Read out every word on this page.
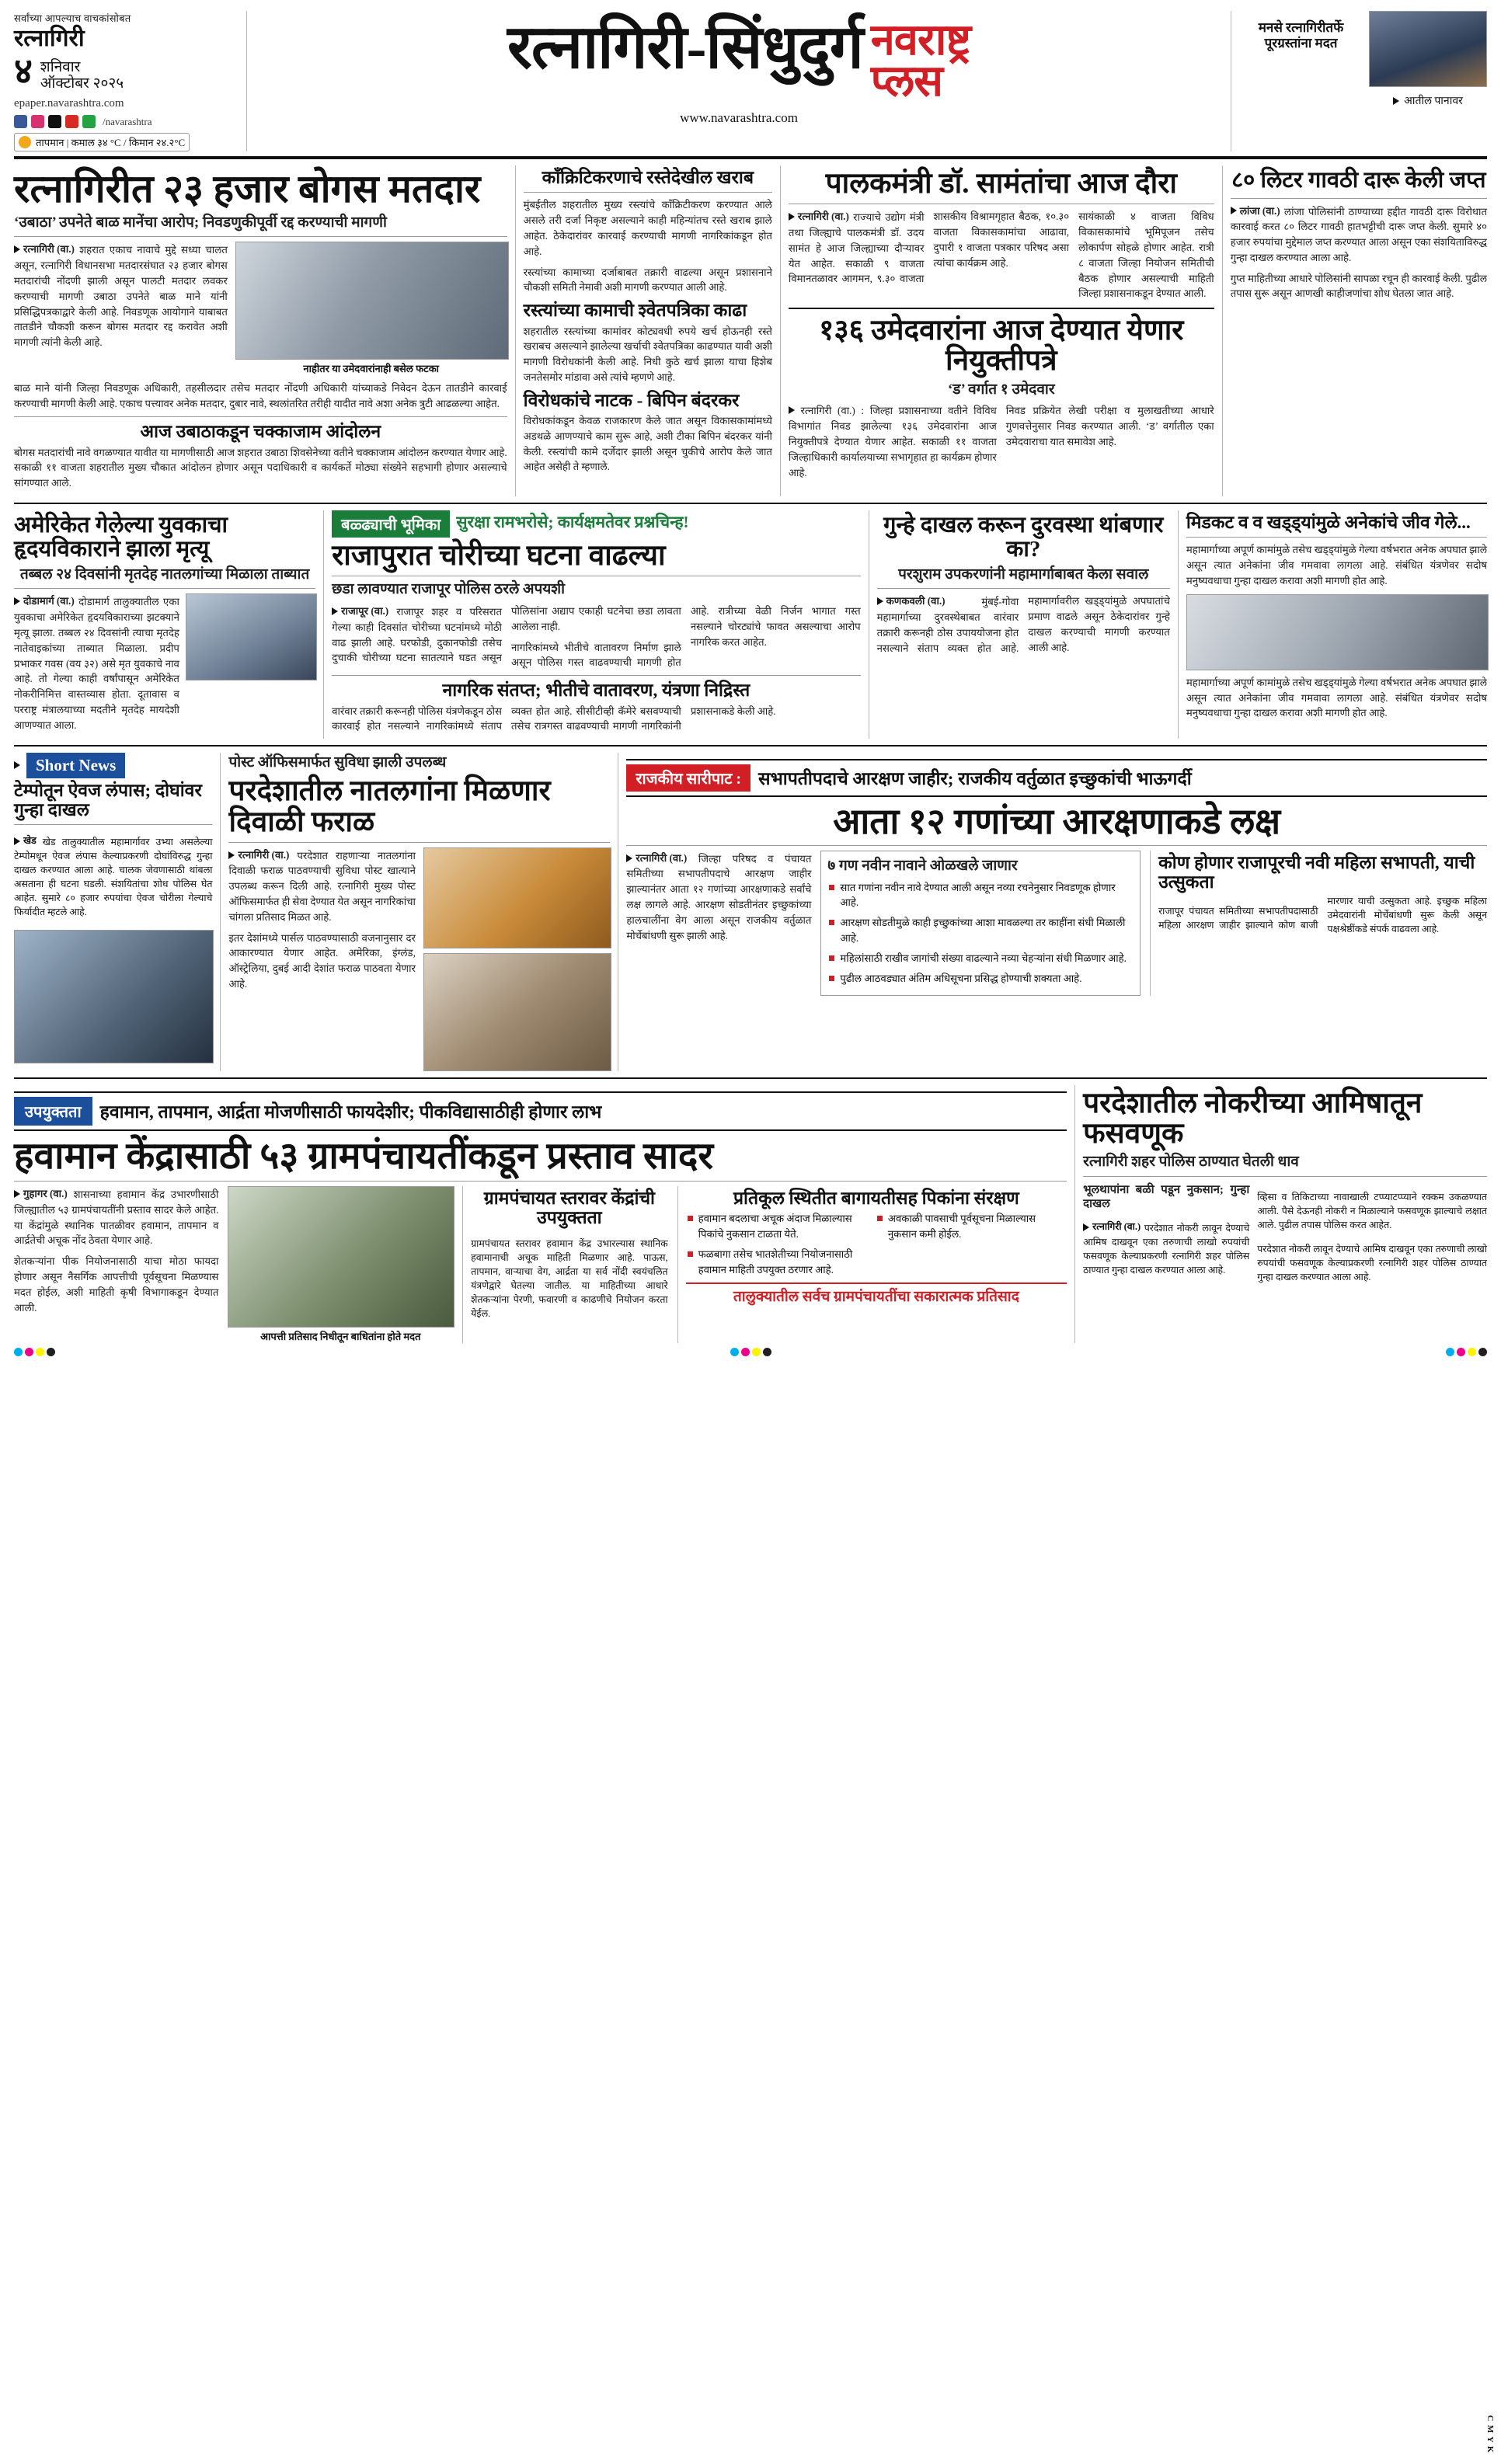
सर्वांच्या आपल्याच वाचकांसोबत
रत्नागिरी
४ शनिवार
ऑक्टोबर २०२५
epaper.navarashtra.com
/navarashtra
तापमान | कमाल ३४ °C / किमान २४.२°C
रत्नागिरी-सिंधुदुर्ग नवराष्ट्र
प्लस
www.navarashtra.com
मनसे रत्नागिरीतर्फे पूरग्रस्तांना मदत
आतील पानावर
रत्नागिरीत २३ हजार बोगस मतदार
‘उबाठा’ उपनेते बाळ मानेंचा आरोप; निवडणुकीपूर्वी रद्द करण्याची मागणी

रत्नागिरी (वा.) शहरात एकाच नावाचे मुद्दे सध्या चालत असून, रत्नागिरी विधानसभा मतदारसंघात २३ हजार बोगस मतदारांची नोंदणी झाली असून पालटी मतदार लवकर करण्याची मागणी उबाठा उपनेते बाळ माने यांनी प्रसिद्धिपत्रकाद्वारे केली आहे. निवडणूक आयोगाने याबाबत तातडीने चौकशी करून बोगस मतदार रद्द करावेत अशी मागणी त्यांनी केली आहे.

नाहीतर या उमेदवारांनाही बसेल फटका

बाळ माने यांनी जिल्हा निवडणूक अधिकारी, तहसीलदार तसेच मतदार नोंदणी अधिकारी यांच्याकडे निवेदन देऊन तातडीने कारवाई करण्याची मागणी केली आहे. एकाच पत्त्यावर अनेक मतदार, दुबार नावे, स्थलांतरित तरीही यादीत नावे अशा अनेक त्रुटी आढळल्या आहेत.

आज उबाठाकडून चक्काजाम आंदोलन

बोगस मतदारांची नावे वगळण्यात यावीत या मागणीसाठी आज शहरात उबाठा शिवसेनेच्या वतीने चक्काजाम आंदोलन करण्यात येणार आहे. सकाळी ११ वाजता शहरातील मुख्य चौकात आंदोलन होणार असून पदाधिकारी व कार्यकर्ते मोठ्या संख्येने सहभागी होणार असल्याचे सांगण्यात आले.

कॉंक्रिटिकरणाचे रस्तेदेखील खराब

मुंबईतील शहरातील मुख्य रस्त्यांचे कॉंक्रिटीकरण करण्यात आले असले तरी दर्जा निकृष्ट असल्याने काही महिन्यांतच रस्ते खराब झाले आहेत. ठेकेदारांवर कारवाई करण्याची मागणी नागरिकांकडून होत आहे.

रस्त्यांच्या कामाच्या दर्जाबाबत तक्रारी वाढल्या असून प्रशासनाने चौकशी समिती नेमावी अशी मागणी करण्यात आली आहे.

रस्त्यांच्या कामाची श्वेतपत्रिका काढा

शहरातील रस्त्यांच्या कामांवर कोट्यवधी रुपये खर्च होऊनही रस्ते खराबच असल्याने झालेल्या खर्चाची श्वेतपत्रिका काढण्यात यावी अशी मागणी विरोधकांनी केली आहे. निधी कुठे खर्च झाला याचा हिशेब जनतेसमोर मांडावा असे त्यांचे म्हणणे आहे.

विरोधकांचे नाटक - बिपिन बंदरकर

विरोधकांकडून केवळ राजकारण केले जात असून विकासकामांमध्ये अडथळे आणण्याचे काम सुरू आहे, अशी टीका बिपिन बंदरकर यांनी केली. रस्त्यांची कामे दर्जेदार झाली असून चुकीचे आरोप केले जात आहेत असेही ते म्हणाले.

पालकमंत्री डॉ. सामंतांचा आज दौरा

रत्नागिरी (वा.) राज्याचे उद्योग मंत्री तथा जिल्ह्याचे पालकमंत्री डॉ. उदय सामंत हे आज जिल्ह्याच्या दौऱ्यावर येत आहेत. सकाळी ९ वाजता विमानतळावर आगमन, ९.३० वाजता शासकीय विश्रामगृहात बैठक, १०.३० वाजता विकासकामांचा आढावा, दुपारी १ वाजता पत्रकार परिषद असा त्यांचा कार्यक्रम आहे.

सायंकाळी ४ वाजता विविध विकासकामांचे भूमिपूजन तसेच लोकार्पण सोहळे होणार आहेत. रात्री ८ वाजता जिल्हा नियोजन समितीची बैठक होणार असल्याची माहिती जिल्हा प्रशासनाकडून देण्यात आली.

१३६ उमेदवारांना आज देण्यात येणार नियुक्तीपत्रे
‘ड’ वर्गात १ उमेदवार

रत्नागिरी (वा.) : जिल्हा प्रशासनाच्या वतीने विविध विभागांत निवड झालेल्या १३६ उमेदवारांना आज नियुक्तीपत्रे देण्यात येणार आहेत. सकाळी ११ वाजता जिल्हाधिकारी कार्यालयाच्या सभागृहात हा कार्यक्रम होणार आहे.

निवड प्रक्रियेत लेखी परीक्षा व मुलाखतीच्या आधारे गुणवत्तेनुसार निवड करण्यात आली. ‘ड’ वर्गातील एका उमेदवाराचा यात समावेश आहे.

८० लिटर गावठी दारू केली जप्त

लांजा (वा.) लांजा पोलिसांनी ठाण्याच्या हद्दीत गावठी दारू विरोधात कारवाई करत ८० लिटर गावठी हातभट्टीची दारू जप्त केली. सुमारे ४० हजार रुपयांचा मुद्देमाल जप्त करण्यात आला असून एका संशयिताविरुद्ध गुन्हा दाखल करण्यात आला आहे.

गुप्त माहितीच्या आधारे पोलिसांनी सापळा रचून ही कारवाई केली. पुढील तपास सुरू असून आणखी काहीजणांचा शोध घेतला जात आहे.

अमेरिकेत गेलेल्या युवकाचा हृदयविकाराने झाला मृत्यू
तब्बल २४ दिवसांनी मृतदेह नातलगांच्या मिळाला ताब्यात

दोडामार्ग (वा.) दोडामार्ग तालुक्यातील एका युवकाचा अमेरिकेत हृदयविकाराच्या झटक्याने मृत्यू झाला. तब्बल २४ दिवसांनी त्याचा मृतदेह नातेवाइकांच्या ताब्यात मिळाला. प्रदीप प्रभाकर गवस (वय ३२) असे मृत युवकाचे नाव आहे. तो गेल्या काही वर्षांपासून अमेरिकेत नोकरीनिमित्त वास्तव्यास होता. दूतावास व परराष्ट्र मंत्रालयाच्या मदतीने मृतदेह मायदेशी आणण्यात आला.

बळ्ढ्याची भूमिका सुरक्षा रामभरोसे; कार्यक्षमतेवर प्रश्नचिन्ह!
राजापुरात चोरीच्या घटना वाढल्या
छडा लावण्यात राजापूर पोलिस ठरले अपयशी

राजापूर (वा.) राजापूर शहर व परिसरात गेल्या काही दिवसांत चोरीच्या घटनांमध्ये मोठी वाढ झाली आहे. घरफोडी, दुकानफोडी तसेच दुचाकी चोरीच्या घटना सातत्याने घडत असून पोलिसांना अद्याप एकाही घटनेचा छडा लावता आलेला नाही.

नागरिकांमध्ये भीतीचे वातावरण निर्माण झाले असून पोलिस गस्त वाढवण्याची मागणी होत आहे. रात्रीच्या वेळी निर्जन भागात गस्त नसल्याने चोरट्यांचे फावत असल्याचा आरोप नागरिक करत आहेत.

नागरिक संतप्त; भीतीचे वातावरण, यंत्रणा निद्रिस्त

वारंवार तक्रारी करूनही पोलिस यंत्रणेकडून ठोस कारवाई होत नसल्याने नागरिकांमध्ये संताप व्यक्त होत आहे. सीसीटीव्ही कॅमेरे बसवण्याची तसेच रात्रगस्त वाढवण्याची मागणी नागरिकांनी प्रशासनाकडे केली आहे.

गुन्हे दाखल करून दुरवस्था थांबणार का?
परशुराम उपकरणांनी महामार्गाबाबत केला सवाल

कणकवली (वा.)	मुंबई-गोवा महामार्गाच्या दुरवस्थेबाबत वारंवार तक्रारी करूनही ठोस उपाययोजना होत नसल्याने संताप व्यक्त होत आहे. महामार्गावरील खड्ड्यांमुळे अपघातांचे प्रमाण वाढले असून ठेकेदारांवर गुन्हे दाखल करण्याची मागणी करण्यात आली आहे.

मिडकट व व खड्ड्यांमुळे अनेकांचे जीव गेले...

महामार्गाच्या अपूर्ण कामांमुळे तसेच खड्ड्यांमुळे गेल्या वर्षभरात अनेक अपघात झाले असून त्यात अनेकांना जीव गमवावा लागला आहे. संबंधित यंत्रणेवर सदोष मनुष्यवधाचा गुन्हा दाखल करावा अशी मागणी होत आहे.

महामार्गाच्या अपूर्ण कामांमुळे तसेच खड्ड्यांमुळे गेल्या वर्षभरात अनेक अपघात झाले असून त्यात अनेकांना जीव गमवावा लागला आहे. संबंधित यंत्रणेवर सदोष मनुष्यवधाचा गुन्हा दाखल करावा अशी मागणी होत आहे.

Short News
टेम्पोतून ऐवज लंपास; दोघांवर गुन्हा दाखल

खेड खेड तालुक्यातील महामार्गावर उभ्या असलेल्या टेम्पोमधून ऐवज लंपास केल्याप्रकरणी दोघांविरुद्ध गुन्हा दाखल करण्यात आला आहे. चालक जेवणासाठी थांबला असताना ही घटना घडली. संशयितांचा शोध पोलिस घेत आहेत. सुमारे ८० हजार रुपयांचा ऐवज चोरीला गेल्याचे फिर्यादीत म्हटले आहे.

पोस्ट ऑफिसमार्फत सुविधा झाली उपलब्ध
परदेशातील नातलगांना मिळणार दिवाळी फराळ

रत्नागिरी (वा.) परदेशात राहणाऱ्या नातलगांना दिवाळी फराळ पाठवण्याची सुविधा पोस्ट खात्याने उपलब्ध करून दिली आहे. रत्नागिरी मुख्य पोस्ट ऑफिसमार्फत ही सेवा देण्यात येत असून नागरिकांचा चांगला प्रतिसाद मिळत आहे.

इतर देशांमध्ये पार्सल पाठवण्यासाठी वजनानुसार दर आकारण्यात येणार आहेत. अमेरिका, इंग्लंड, ऑस्ट्रेलिया, दुबई आदी देशांत फराळ पाठवता येणार आहे.

राजकीय सारीपाट : सभापतीपदाचे आरक्षण जाहीर; राजकीय वर्तुळात इच्छुकांची भाऊगर्दी
आता १२ गणांच्या आरक्षणाकडे लक्ष

रत्नागिरी (वा.) जिल्हा परिषद व पंचायत समितीच्या सभापतीपदाचे आरक्षण जाहीर झाल्यानंतर आता १२ गणांच्या आरक्षणाकडे सर्वांचे लक्ष लागले आहे. आरक्षण सोडतीनंतर इच्छुकांच्या हालचालींना वेग आला असून राजकीय वर्तुळात मोर्चेबांधणी सुरू झाली आहे.

७ गण नवीन नावाने ओळखले जाणार
सात गणांना नवीन नावे देण्यात आली असून नव्या रचनेनुसार निवडणूक होणार आहे.
आरक्षण सोडतीमुळे काही इच्छुकांच्या आशा मावळल्या तर काहींना संधी मिळाली आहे.
महिलांसाठी राखीव जागांची संख्या वाढल्याने नव्या चेहऱ्यांना संधी मिळणार आहे.
पुढील आठवड्यात अंतिम अधिसूचना प्रसिद्ध होण्याची शक्यता आहे.
कोण होणार राजापूरची नवी महिला सभापती, याची उत्सुकता

राजापूर पंचायत समितीच्या सभापतीपदासाठी महिला आरक्षण जाहीर झाल्याने कोण बाजी मारणार याची उत्सुकता आहे. इच्छुक महिला उमेदवारांनी मोर्चेबांधणी सुरू केली असून पक्षश्रेष्ठींकडे संपर्क वाढवला आहे.

उपयुक्तता	हवामान, तापमान, आर्द्रता मोजणीसाठी फायदेशीर; पीकविद्यासाठीही होणार लाभ
हवामान केंद्रासाठी ५३ ग्रामपंचायतींकडून प्रस्ताव सादर

गुहागर (वा.) शासनाच्या हवामान केंद्र उभारणीसाठी जिल्ह्यातील ५३ ग्रामपंचायतींनी प्रस्ताव सादर केले आहेत. या केंद्रांमुळे स्थानिक पातळीवर हवामान, तापमान व आर्द्रतेची अचूक नोंद ठेवता येणार आहे.

शेतकऱ्यांना पीक नियोजनासाठी याचा मोठा फायदा होणार असून नैसर्गिक आपत्तीची पूर्वसूचना मिळण्यास मदत होईल, अशी माहिती कृषी विभागाकडून देण्यात आली.

आपत्ती प्रतिसाद निधीतून बाधितांना होते मदत
ग्रामपंचायत स्तरावर केंद्रांची उपयुक्तता

ग्रामपंचायत स्तरावर हवामान केंद्र उभारल्यास स्थानिक हवामानाची अचूक माहिती मिळणार आहे. पाऊस, तापमान, वाऱ्याचा वेग, आर्द्रता या सर्व नोंदी स्वयंचलित यंत्रणेद्वारे घेतल्या जातील. या माहितीच्या आधारे शेतकऱ्यांना पेरणी, फवारणी व काढणीचे नियोजन करता येईल.

प्रतिकूल स्थितीत बागायतीसह पिकांना संरक्षण
हवामान बदलाचा अचूक अंदाज मिळाल्यास पिकांचे नुकसान टाळता येते.
फळबागा तसेच भातशेतीच्या नियोजनासाठी हवामान माहिती उपयुक्त ठरणार आहे.
अवकाळी पावसाची पूर्वसूचना मिळाल्यास नुकसान कमी होईल.
तालुक्यातील सर्वच ग्रामपंचायतींचा सकारात्मक प्रतिसाद
परदेशातील नोकरीच्या आमिषातून फसवणूक
रत्नागिरी शहर पोलिस ठाण्यात घेतली धाव
भूलथापांना बळी पडून नुकसान; गुन्हा दाखल

रत्नागिरी (वा.) परदेशात नोकरी लावून देण्याचे आमिष दाखवून एका तरुणाची लाखो रुपयांची फसवणूक केल्याप्रकरणी रत्नागिरी शहर पोलिस ठाण्यात गुन्हा दाखल करण्यात आला आहे.

व्हिसा व तिकिटाच्या नावाखाली टप्प्याटप्प्याने रक्कम उकळण्यात आली. पैसे देऊनही नोकरी न मिळाल्याने फसवणूक झाल्याचे लक्षात आले. पुढील तपास पोलिस करत आहेत.

परदेशात नोकरी लावून देण्याचे आमिष दाखवून एका तरुणाची लाखो रुपयांची फसवणूक केल्याप्रकरणी रत्नागिरी शहर पोलिस ठाण्यात गुन्हा दाखल करण्यात आला आहे.

C M Y K
